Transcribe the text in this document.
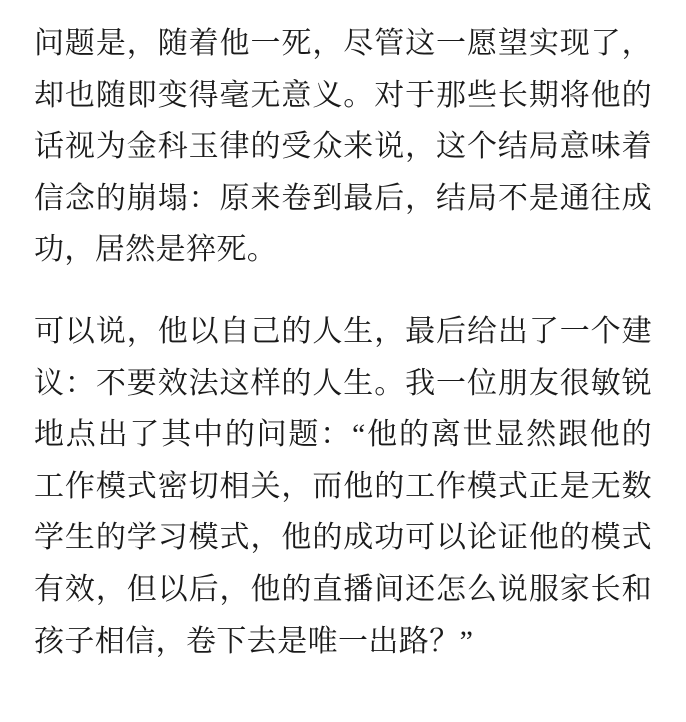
问题是，随着他一死，尽管这一愿望实现了，却也随即变得毫无意义。对于那些长期将他的话视为金科玉律的受众来说，这个结局意味着信念的崩塌：原来卷到最后，结局不是通往成功，居然是猝死。

可以说，他以自己的人生，最后给出了一个建议：不要效法这样的人生。我一位朋友很敏锐地点出了其中的问题：“他的离世显然跟他的工作模式密切相关，而他的工作模式正是无数学生的学习模式，他的成功可以论证他的模式有效，但以后，他的直播间还怎么说服家长和孩子相信，卷下去是唯一出路？”
